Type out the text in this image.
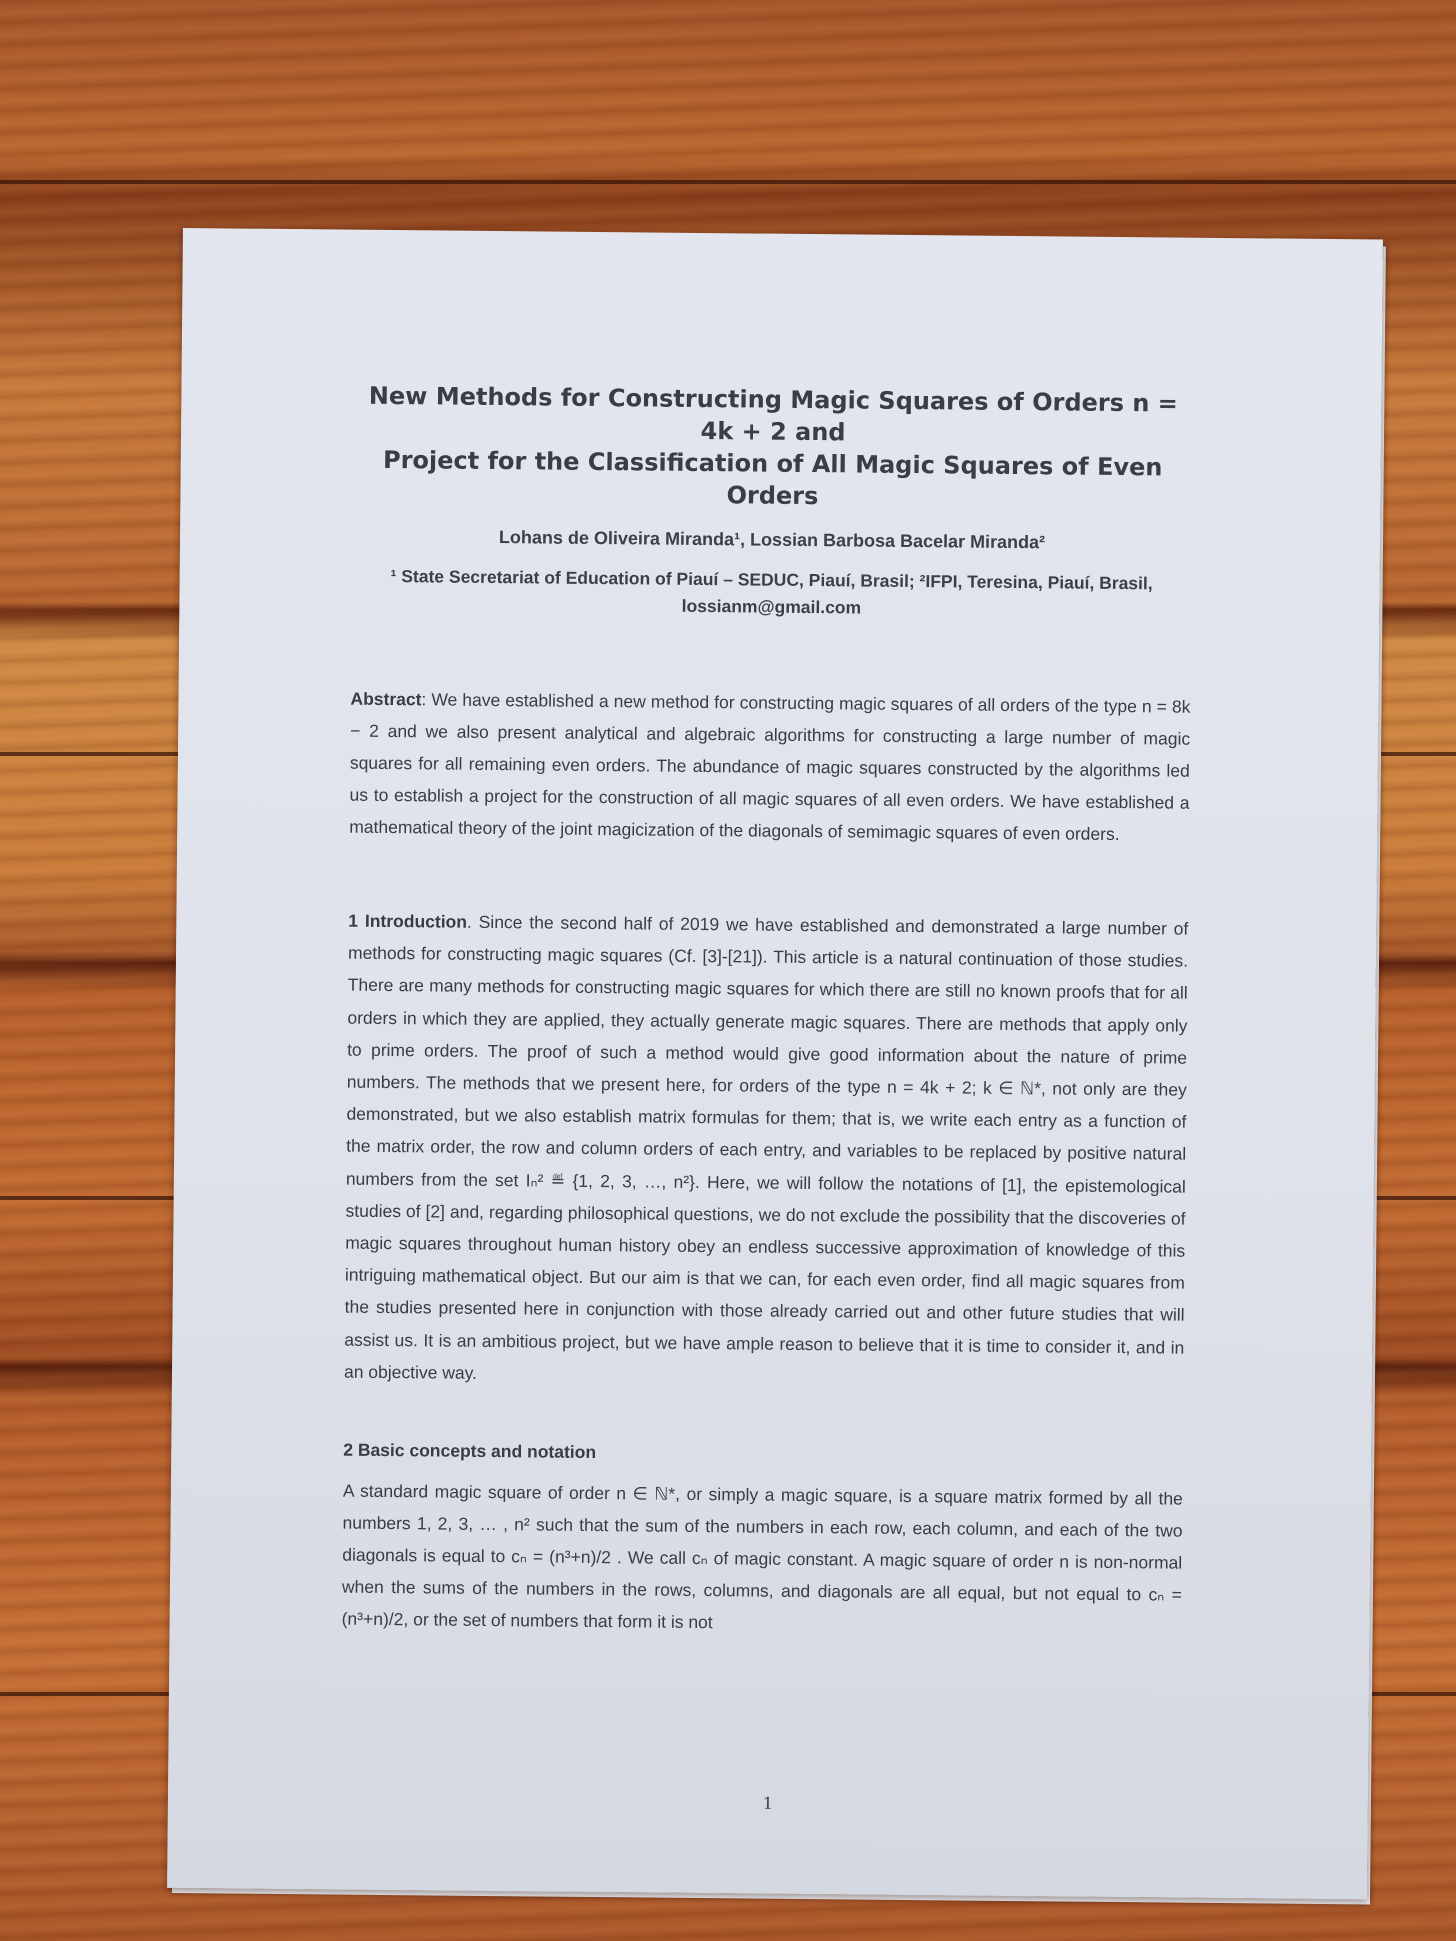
New Methods for Constructing Magic Squares of Orders n = 4k + 2 and
Project for the Classification of All Magic Squares of Even Orders
Lohans de Oliveira Miranda¹, Lossian Barbosa Bacelar Miranda²
¹ State Secretariat of Education of Piauí – SEDUC, Piauí, Brasil; ²IFPI, Teresina, Piauí, Brasil,
lossianm@gmail.com

Abstract: We have established a new method for constructing magic squares of all orders of the type n = 8k − 2 and we also present analytical and algebraic algorithms for constructing a large number of magic squares for all remaining even orders. The abundance of magic squares constructed by the algorithms led us to establish a project for the construction of all magic squares of all even orders. We have established a mathematical theory of the joint magicization of the diagonals of semimagic squares of even orders.

1 Introduction. Since the second half of 2019 we have established and demonstrated a large number of methods for constructing magic squares (Cf. [3]-[21]). This article is a natural continuation of those studies. There are many methods for constructing magic squares for which there are still no known proofs that for all orders in which they are applied, they actually generate magic squares. There are methods that apply only to prime orders. The proof of such a method would give good information about the nature of prime numbers. The methods that we present here, for orders of the type n = 4k + 2; k ∈ ℕ*, not only are they demonstrated, but we also establish matrix formulas for them; that is, we write each entry as a function of the matrix order, the row and column orders of each entry, and variables to be replaced by positive natural numbers from the set Iₙ² ≝ {1, 2, 3, …, n²}. Here, we will follow the notations of [1], the epistemological studies of [2] and, regarding philosophical questions, we do not exclude the possibility that the discoveries of magic squares throughout human history obey an endless successive approximation of knowledge of this intriguing mathematical object. But our aim is that we can, for each even order, find all magic squares from the studies presented here in conjunction with those already carried out and other future studies that will assist us. It is an ambitious project, but we have ample reason to believe that it is time to consider it, and in an objective way.

2 Basic concepts and notation

A standard magic square of order n ∈ ℕ*, or simply a magic square, is a square matrix formed by all the numbers 1, 2, 3, … , n² such that the sum of the numbers in each row, each column, and each of the two diagonals is equal to cₙ = (n³+n)/2 . We call cₙ of magic constant. A magic square of order n is non-normal when the sums of the numbers in the rows, columns, and diagonals are all equal, but not equal to cₙ = (n³+n)/2, or the set of numbers that form it is not

1
